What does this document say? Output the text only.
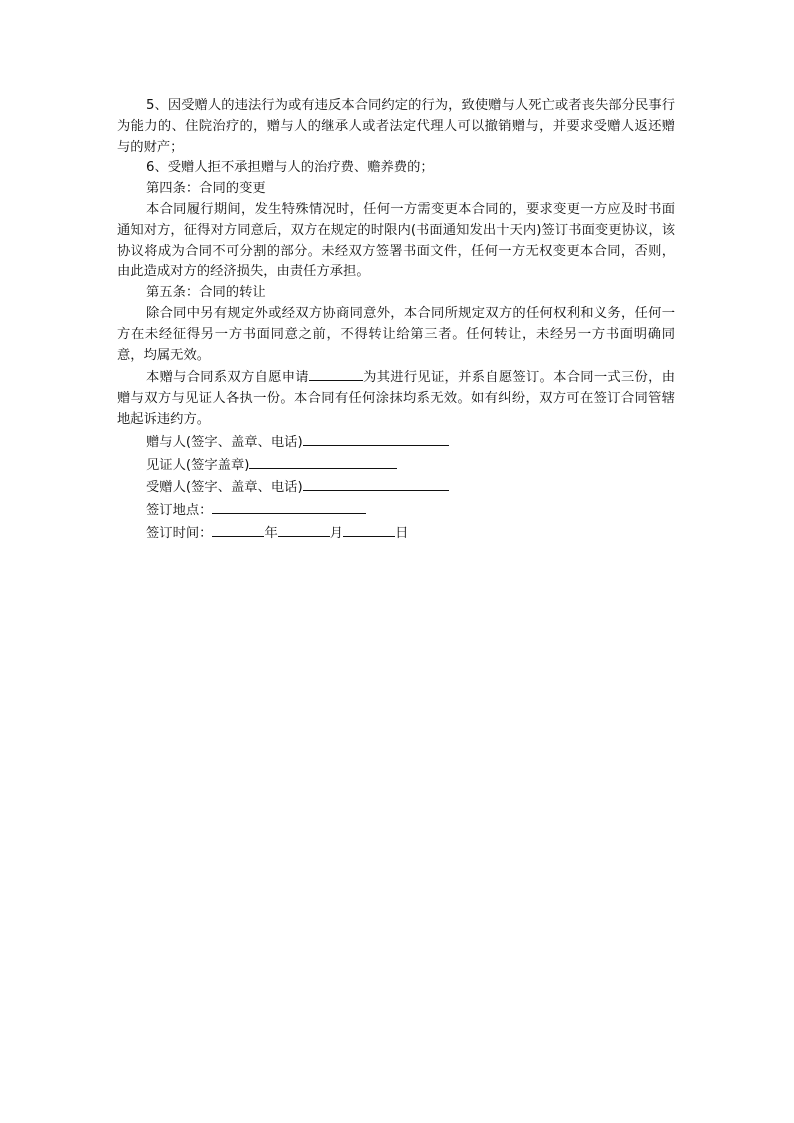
5、因受赠人的违法行为或有违反本合同约定的行为，致使赠与人死亡或者丧失部分民事行为能力的、住院治疗的，赠与人的继承人或者法定代理人可以撤销赠与，并要求受赠人返还赠与的财产；

6、受赠人拒不承担赠与人的治疗费、赡养费的；

第四条：合同的变更

本合同履行期间，发生特殊情况时，任何一方需变更本合同的，要求变更一方应及时书面通知对方，征得对方同意后，双方在规定的时限内(书面通知发出十天内)签订书面变更协议，该协议将成为合同不可分割的部分。未经双方签署书面文件，任何一方无权变更本合同，否则，由此造成对方的经济损失，由责任方承担。

第五条：合同的转让

除合同中另有规定外或经双方协商同意外，本合同所规定双方的任何权利和义务，任何一方在未经征得另一方书面同意之前，不得转让给第三者。任何转让，未经另一方书面明确同意，均属无效。

本赠与合同系双方自愿申请	为其进行见证，并系自愿签订。本合同一式三份，由赠与双方与见证人各执一份。本合同有任何涂抹均系无效。如有纠纷，双方可在签订合同管辖地起诉违约方。

赠与人(签字、盖章、电话)

见证人(签字盖章)

受赠人(签字、盖章、电话)

签订地点：

签订时间：	年	月	日
